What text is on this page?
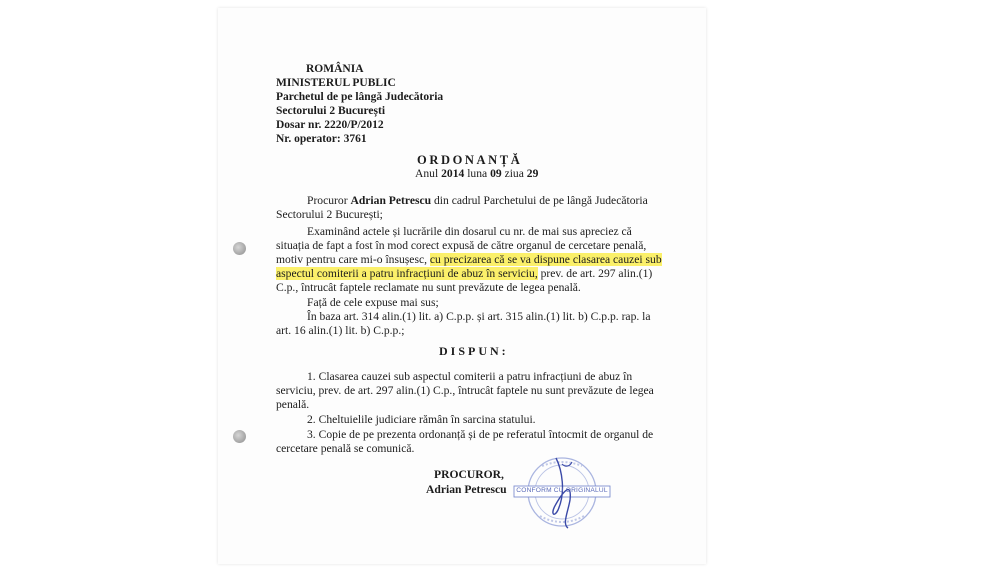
ROMÂNIA
MINISTERUL PUBLIC
Parchetul de pe lângă Judecătoria
Sectorului 2 București
Dosar nr. 2220/P/2012
Nr. operator: 3761
ORDONANȚĂ
Anul 2014 luna 09 ziua 29
Procuror Adrian Petrescu din cadrul Parchetului de pe lângă Judecătoria
Sectorului 2 București;
Examinând actele și lucrările din dosarul cu nr. de mai sus apreciez că
situația de fapt a fost în mod corect expusă de către organul de cercetare penală,
motiv pentru care mi-o însușesc, cu precizarea că se va dispune clasarea cauzei sub
aspectul comiterii a patru infracțiuni de abuz în serviciu, prev. de art. 297 alin.(1)
C.p., întrucât faptele reclamate nu sunt prevăzute de legea penală.
Față de cele expuse mai sus;
În baza art. 314 alin.(1) lit. a) C.p.p. și art. 315 alin.(1) lit. b) C.p.p. rap. la
art. 16 alin.(1) lit. b) C.p.p.;
DISPUN:
1. Clasarea cauzei sub aspectul comiterii a patru infracțiuni de abuz în
serviciu, prev. de art. 297 alin.(1) C.p., întrucât faptele nu sunt prevăzute de legea
penală.
2. Cheltuielile judiciare rămân în sarcina statului.
3. Copie de pe prezenta ordonanță și de pe referatul întocmit de organul de
cercetare penală se comunică.
PROCUROR,
Adrian Petrescu CONFORM CU ORIGINALUL
